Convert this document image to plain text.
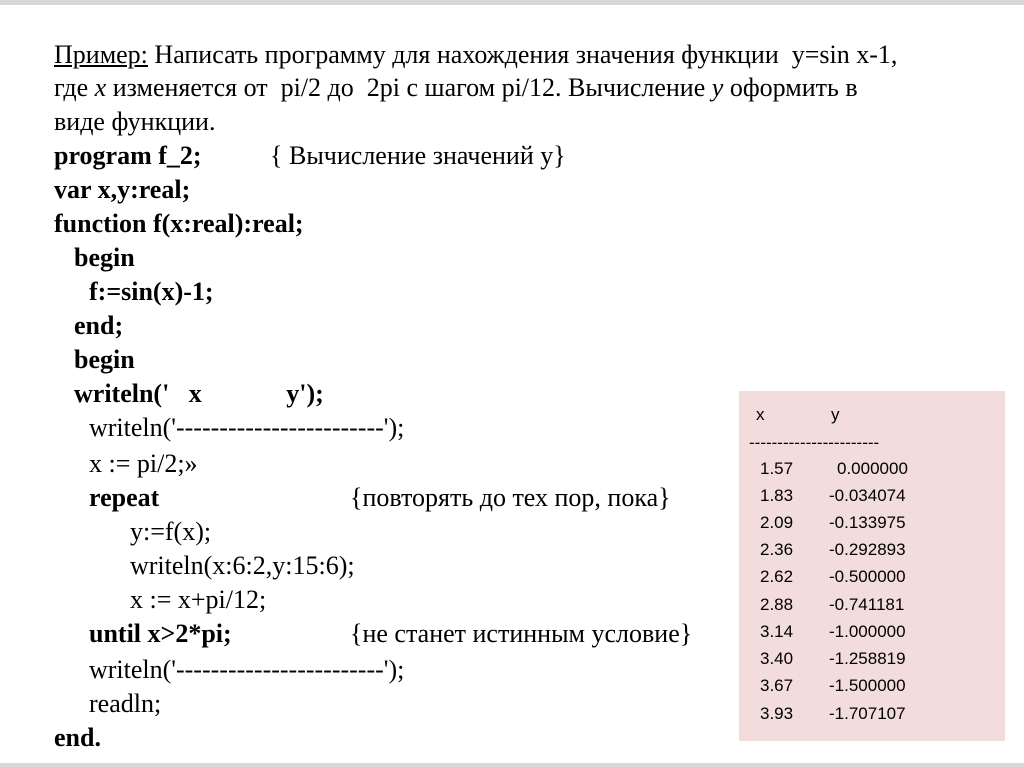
Пример: Написать программу для нахождения значения функции  y=sin x-1,
где x изменяется от  pi/2 до  2pi с шагом pi/12. Вычисление y оформить в
виде функции.
program f_2;	{ Вычисление значений y}
var x,y:real;
function f(x:real):real;
begin
f:=sin(x)-1;
end;
begin
writeln('   x             y');
writeln('------------------------');
x := pi/2;»
repeat	{повторять до тех пор, пока}
y:=f(x);
writeln(x:6:2,y:15:6);
x := x+pi/12;
until x>2*pi;	{не станет истинным условие}
writeln('------------------------');
readln;
end.
x	y
-----------------------
1.57	0.000000
1.83 -0.034074
2.09 -0.133975
2.36 -0.292893
2.62 -0.500000
2.88 -0.741181
3.14 -1.000000
3.40 -1.258819
3.67 -1.500000
3.93 -1.707107
